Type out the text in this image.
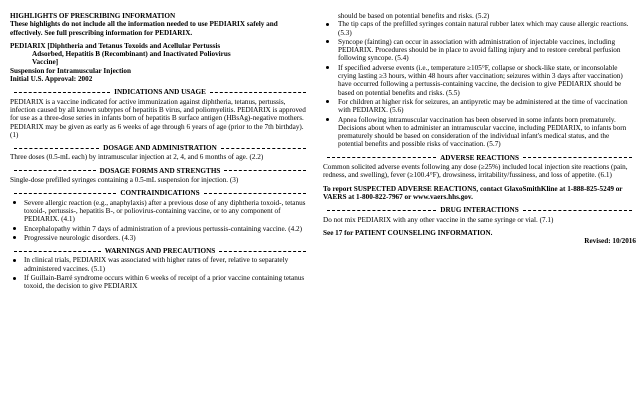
HIGHLIGHTS OF PRESCRIBING INFORMATION

These highlights do not include all the information needed to use PEDIARIX safely and effectively. See full prescribing information for PEDIARIX.

PEDIARIX [Diphtheria and Tetanus Toxoids and Acellular Pertussis

Adsorbed, Hepatitis B (Recombinant) and Inactivated Poliovirus

Vaccine]

Suspension for Intramuscular Injection

Initial U.S. Approval: 2002

INDICATIONS AND USAGE

PEDIARIX is a vaccine indicated for active immunization against diphtheria, tetanus, pertussis, infection caused by all known subtypes of hepatitis B virus, and poliomyelitis. PEDIARIX is approved for use as a three-dose series in infants born of hepatitis B surface antigen (HBsAg)-negative mothers. PEDIARIX may be given as early as 6 weeks of age through 6 years of age (prior to the 7th birthday). (1)

DOSAGE AND ADMINISTRATION

Three doses (0.5-mL each) by intramuscular injection at 2, 4, and 6 months of age. (2.2)

DOSAGE FORMS AND STRENGTHS

Single-dose prefilled syringes containing a 0.5-mL suspension for injection. (3)

CONTRAINDICATIONS
Severe allergic reaction (e.g., anaphylaxis) after a previous dose of any diphtheria toxoid-, tetanus toxoid-, pertussis-, hepatitis B-, or poliovirus-containing vaccine, or to any component of PEDIARIX. (4.1)
Encephalopathy within 7 days of administration of a previous pertussis-containing vaccine. (4.2)
Progressive neurologic disorders. (4.3)
WARNINGS AND PRECAUTIONS
In clinical trials, PEDIARIX was associated with higher rates of fever, relative to separately administered vaccines. (5.1)
If Guillain-Barré syndrome occurs within 6 weeks of receipt of a prior vaccine containing tetanus toxoid, the decision to give PEDIARIX

should be based on potential benefits and risks. (5.2)

The tip caps of the prefilled syringes contain natural rubber latex which may cause allergic reactions. (5.3)
Syncope (fainting) can occur in association with administration of injectable vaccines, including PEDIARIX. Procedures should be in place to avoid falling injury and to restore cerebral perfusion following syncope. (5.4)
If specified adverse events (i.e., temperature ≥105°F, collapse or shock-like state, or inconsolable crying lasting ≥3 hours, within 48 hours after vaccination; seizures within 3 days after vaccination) have occurred following a pertussis-containing vaccine, the decision to give PEDIARIX should be based on potential benefits and risks. (5.5)
For children at higher risk for seizures, an antipyretic may be administered at the time of vaccination with PEDIARIX. (5.6)
Apnea following intramuscular vaccination has been observed in some infants born prematurely. Decisions about when to administer an intramuscular vaccine, including PEDIARIX, to infants born prematurely should be based on consideration of the individual infant's medical status, and the potential benefits and possible risks of vaccination. (5.7)
ADVERSE REACTIONS

Common solicited adverse events following any dose (≥25%) included local injection site reactions (pain, redness, and swelling), fever (≥100.4°F), drowsiness, irritability/fussiness, and loss of appetite. (6.1)

To report SUSPECTED ADVERSE REACTIONS, contact GlaxoSmithKline at 1-888-825-5249 or VAERS at 1-800-822-7967 or www.vaers.hhs.gov.

DRUG INTERACTIONS

Do not mix PEDIARIX with any other vaccine in the same syringe or vial. (7.1)

See 17 for PATIENT COUNSELING INFORMATION.

Revised: 10/2016
